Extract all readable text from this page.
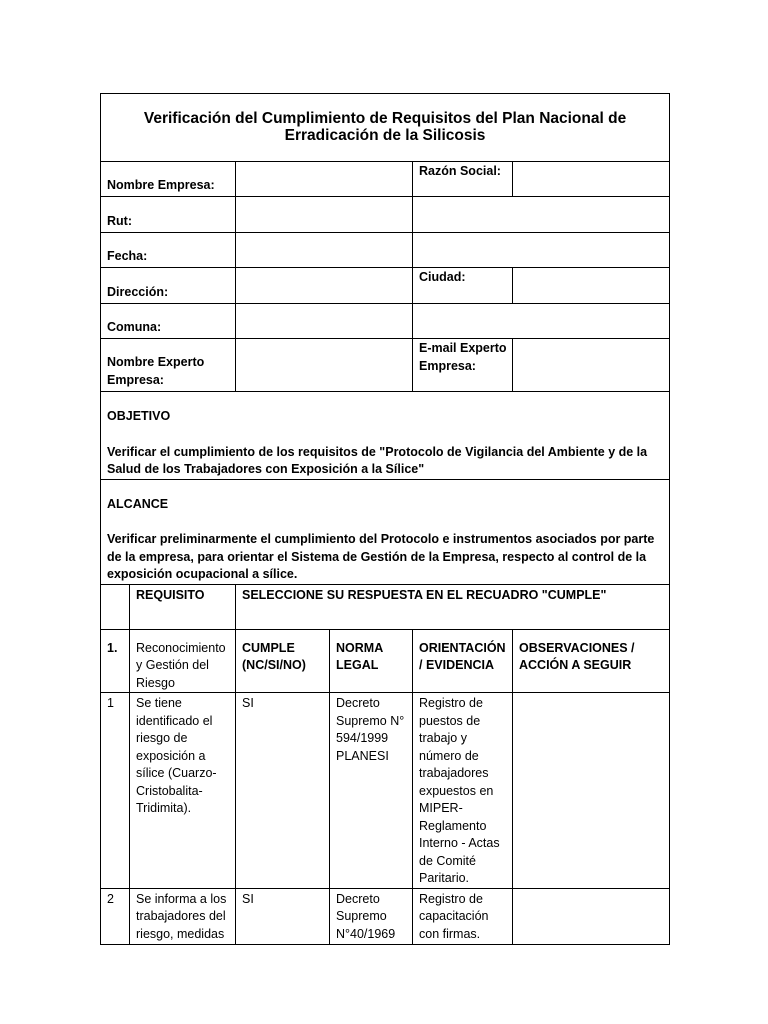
Verificación del Cumplimiento de Requisitos del Plan Nacional de Erradicación de la Silicosis					
Nombre Empresa:				Razón Social:	
Rut:					
Fecha:					
Dirección:				Ciudad:	
Comuna:					
Nombre Experto Empresa:				E-mail Experto Empresa:	

OBJETIVO

Verificar el cumplimiento de los requisitos de "Protocolo de Vigilancia del Ambiente y de la Salud de los Trabajadores con Exposición a la Sílice"					

ALCANCE

Verificar preliminarmente el cumplimiento del Protocolo e instrumentos asociados por parte de la empresa, para orientar el Sistema de Gestión de la Empresa, respecto al control de la exposición ocupacional a sílice.					

	REQUISITO	SELECCIONE SU RESPUESTA EN EL RECUADRO "CUMPLE"			
1.	Reconocimiento y Gestión del Riesgo	CUMPLE (NC/SI/NO)	NORMA LEGAL	ORIENTACIÓN / EVIDENCIA	OBSERVACIONES / ACCIÓN A SEGUIR
1	Se tiene identificado el riesgo de exposición a sílice (Cuarzo- Cristobalita- Tridimita).	SI	Decreto Supremo N° 594/1999 PLANESI	Registro de puestos de trabajo y número de trabajadores expuestos en MIPER- Reglamento Interno - Actas de Comité Paritario.	
2	Se informa a los trabajadores del riesgo, medidas	SI	Decreto Supremo N°40/1969	Registro de capacitación con firmas.	
